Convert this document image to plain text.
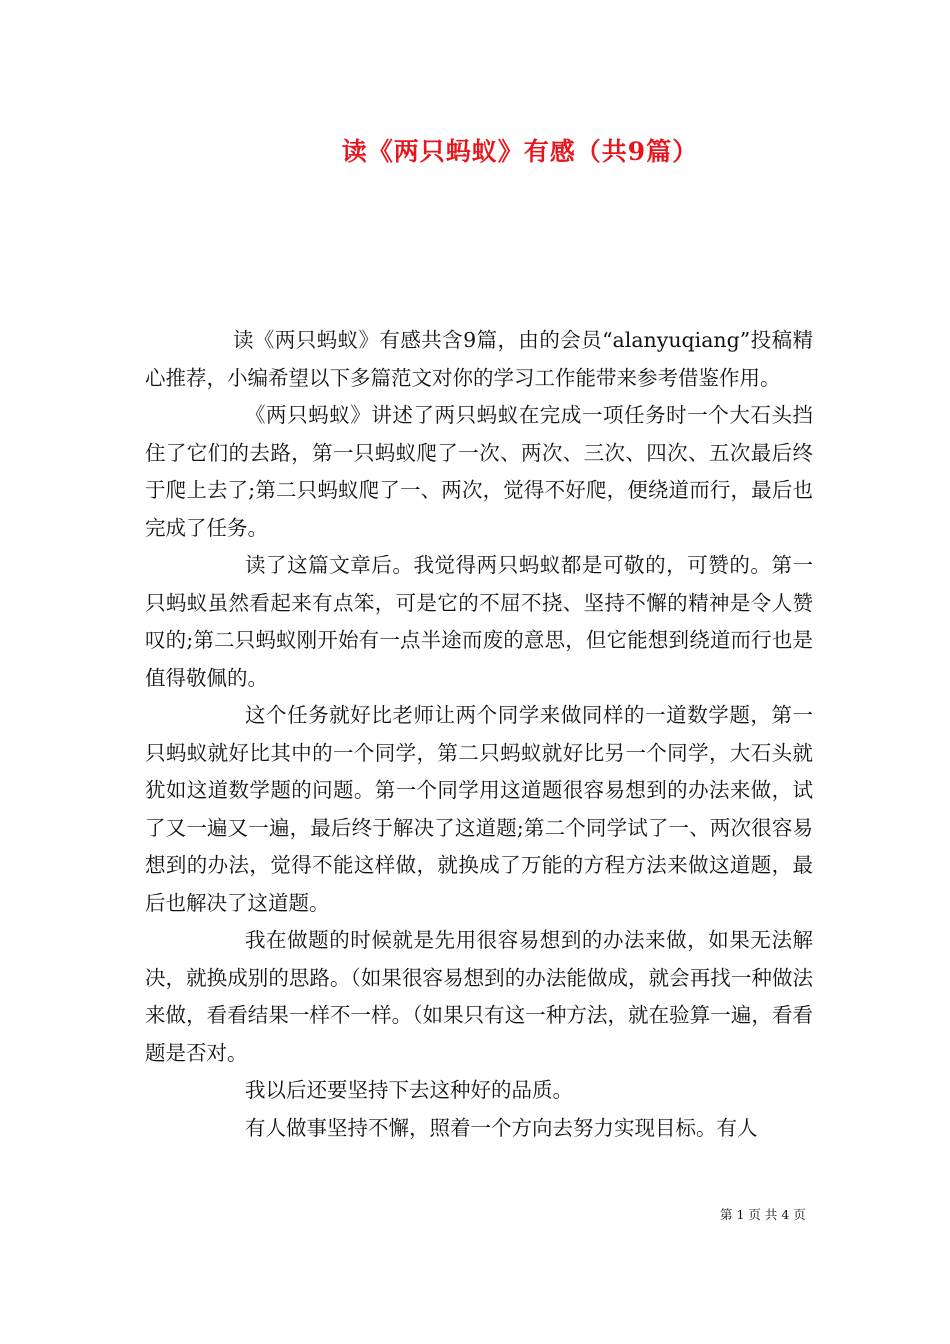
读《两只蚂蚁》有感（共9篇）

读《两只蚂蚁》有感共含9篇，由的会员“alanyuqiang”投稿精心推荐，小编希望以下多篇范文对你的学习工作能带来参考借鉴作用。

《两只蚂蚁》讲述了两只蚂蚁在完成一项任务时一个大石头挡住了它们的去路，第一只蚂蚁爬了一次、两次、三次、四次、五次最后终于爬上去了;第二只蚂蚁爬了一、两次，觉得不好爬，便绕道而行，最后也完成了任务。

读了这篇文章后。我觉得两只蚂蚁都是可敬的，可赞的。第一只蚂蚁虽然看起来有点笨，可是它的不屈不挠、坚持不懈的精神是令人赞叹的;第二只蚂蚁刚开始有一点半途而废的意思，但它能想到绕道而行也是值得敬佩的。

这个任务就好比老师让两个同学来做同样的一道数学题，第一只蚂蚁就好比其中的一个同学，第二只蚂蚁就好比另一个同学，大石头就犹如这道数学题的问题。第一个同学用这道题很容易想到的办法来做，试了又一遍又一遍，最后终于解决了这道题;第二个同学试了一、两次很容易想到的办法，觉得不能这样做，就换成了万能的方程方法来做这道题，最后也解决了这道题。

我在做题的时候就是先用很容易想到的办法来做，如果无法解决，就换成别的思路。（如果很容易想到的办法能做成，就会再找一种做法来做，看看结果一样不一样。（如果只有这一种方法，就在验算一遍，看看题是否对。

我以后还要坚持下去这种好的品质。

有人做事坚持不懈，照着一个方向去努力实现目标。有人

第 1 页 共 4 页
